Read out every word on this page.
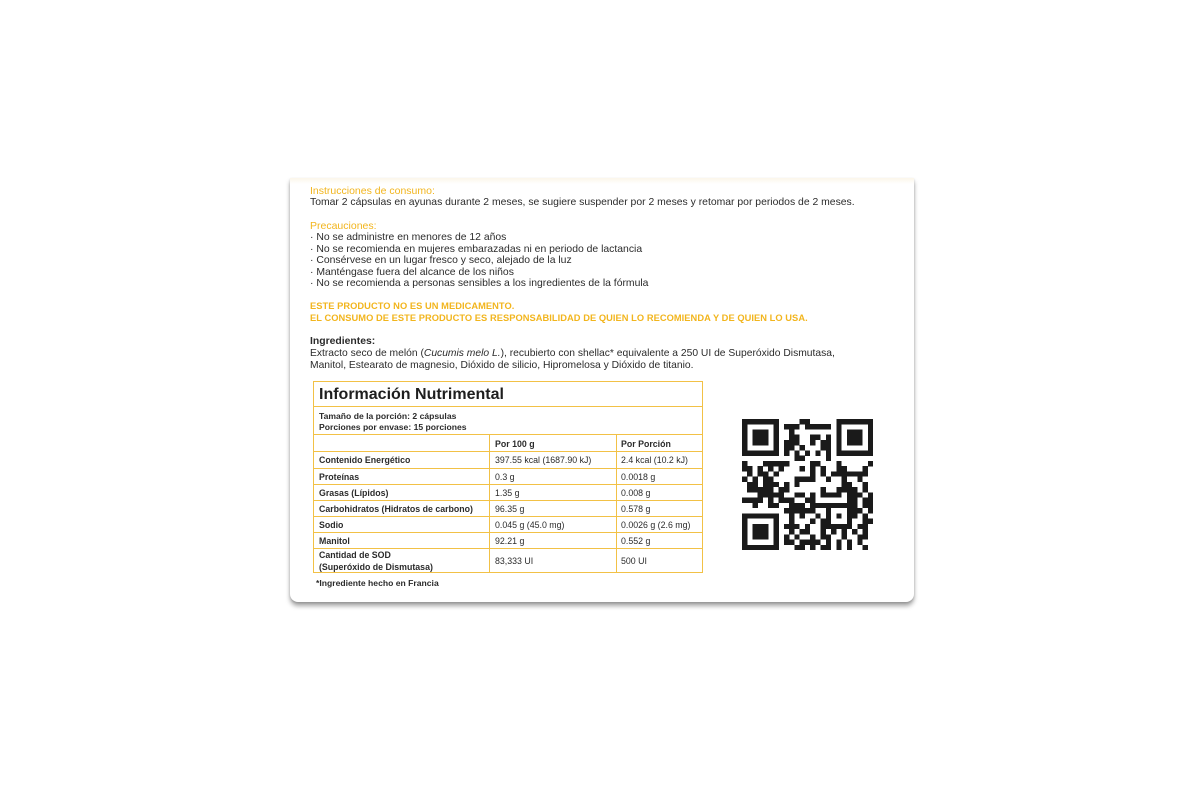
Instrucciones de consumo:
Tomar 2 cápsulas en ayunas durante 2 meses, se sugiere suspender por 2 meses y retomar por periodos de 2 meses.
Precauciones:
· No se administre en menores de 12 años
· No se recomienda en mujeres embarazadas ni en periodo de lactancia
· Consérvese en un lugar fresco y seco, alejado de la luz
· Manténgase fuera del alcance de los niños
· No se recomienda a personas sensibles a los ingredientes de la fórmula
ESTE PRODUCTO NO ES UN MEDICAMENTO.
EL CONSUMO DE ESTE PRODUCTO ES RESPONSABILIDAD DE QUIEN LO RECOMIENDA Y DE QUIEN LO USA.
Ingredientes:
Extracto seco de melón (Cucumis melo L.), recubierto con shellac* equivalente a 250 UI de Superóxido Dismutasa,
Manitol, Estearato de magnesio, Dióxido de silicio, Hipromelosa y Dióxido de titanio.
Información Nutrimental
Tamaño de la porción: 2 cápsulas
Porciones por envase: 15 porciones
Por 100 g	Por Porción
Contenido Energético	397.55 kcal (1687.90 kJ)	2.4 kcal (10.2 kJ)
Proteínas	0.3 g	0.0018 g
Grasas (Lípidos)	1.35 g	0.008 g
Carbohidratos (Hidratos de carbono)	96.35 g	0.578 g
Sodio	0.045 g (45.0 mg)	0.0026 g (2.6 mg)
Manitol	92.21 g	0.552 g
Cantidad de SOD
(Superóxido de Dismutasa)
83,333 UI	500 UI
*Ingrediente hecho en Francia
